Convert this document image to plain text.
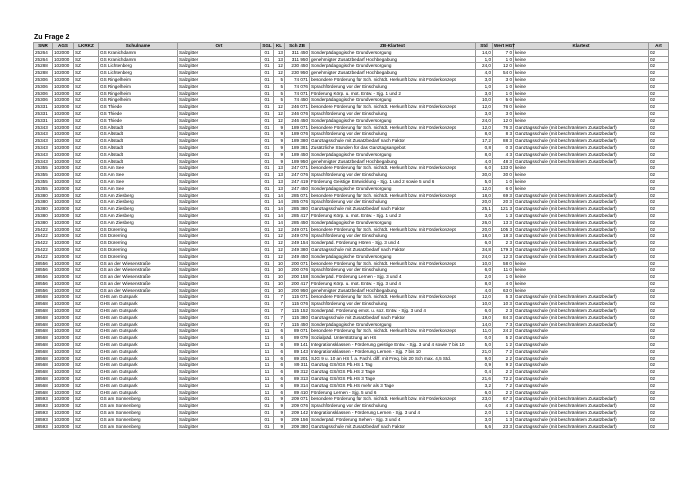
Zu Frage 2
SNR	AGS	LKRKZ	Schulname	Ort	SGL	KL	Sch ZB	ZB-Klartext	Std	Wert HGT	Klartext	Art
25264	102000	SZ	GS Kranichdamm	Salzgitter	01	13	311 450	Sonderpädagogische Grundversorgung	14,0	7 0	keine	02
25264	102000	SZ	GS Kranichdamm	Salzgitter	01	13	311 950	genehmigter Zusatzbedarf Hochbegabung	1,0	1 0	keine	02
25288	102000	SZ	GS Lichtenberg	Salzgitter	01	12	230 450	Sonderpädagogische Grundversorgung	24,0	12 0	keine	02
25288	102000	SZ	GS Lichtenberg	Salzgitter	01	12	230 950	genehmigter Zusatzbedarf Hochbegabung	4,0	54 0	keine	02
25306	102000	SZ	GS Ringelheim	Salzgitter	01	5	74 071	besondere Förderung für Sch. nichtdt. Herkunft bzw. mit Förderkonzept	3,0	3 0	keine	02
25306	102000	SZ	GS Ringelheim	Salzgitter	01	5	74 076	Sprachförderung vor der Einschulung	1,0	1 0	keine	02
25306	102000	SZ	GS Ringelheim	Salzgitter	01	5	74 071	Förderung Körp. u. mot. Entw. - Sjg. 1 und 2	3,0	1 0	keine	02
25306	102000	SZ	GS Ringelheim	Salzgitter	01	5	74 450	Sonderpädagogische Grundversorgung	10,0	5 0	keine	02
25331	102000	SZ	GS Thiede	Salzgitter	01	12	246 071	besondere Förderung für Sch. nichtdt. Herkunft bzw. mit Förderkonzept	12,0	76 0	keine	02
25331	102000	SZ	GS Thiede	Salzgitter	01	12	246 076	Sprachförderung vor der Einschulung	3,0	3 0	keine	02
25331	102000	SZ	GS Thiede	Salzgitter	01	12	246 450	Sonderpädagogische Grundversorgung	24,0	12 0	keine	02
25343	102000	SZ	GS Altstadt	Salzgitter	01	9	189 071	besondere Förderung für Sch. nichtdt. Herkunft bzw. mit Förderkonzept	12,0	76 3	Ganztagsschule (mit beschränktem Zusatzbedarf)	02
25343	102000	SZ	GS Altstadt	Salzgitter	01	9	189 076	Sprachförderung vor der Einschulung	8,0	8 3	Ganztagsschule (mit beschränktem Zusatzbedarf)	02
25343	102000	SZ	GS Altstadt	Salzgitter	01	9	189 380	Ganztagsschule mit Zusatzbedarf nach Faktor	17,2	88 3	Ganztagsschule (mit beschränktem Zusatzbedarf)	02
25343	102000	SZ	GS Altstadt	Salzgitter	01	9	189 381	Zusätzliche Stunden für das Ganztagsangebot	0,8	0 3	Ganztagsschule (mit beschränktem Zusatzbedarf)	02
25343	102000	SZ	GS Altstadt	Salzgitter	01	9	189 450	Sonderpädagogische Grundversorgung	8,0	4 3	Ganztagsschule (mit beschränktem Zusatzbedarf)	02
25343	102000	SZ	GS Altstadt	Salzgitter	01	9	189 950	genehmigter Zusatzbedarf Hochbegabung	4,0	48 3	Ganztagsschule (mit beschränktem Zusatzbedarf)	02
25355	102000	SZ	GS Am See	Salzgitter	01	13	247 071	besondere Förderung für Sch. nichtdt. Herkunft bzw. mit Förderkonzept	6,0	133 0	keine	02
25355	102000	SZ	GS Am See	Salzgitter	01	13	247 076	Sprachförderung vor der Einschulung	30,0	30 0	keine	02
25355	102000	SZ	GS Am See	Salzgitter	01	13	247 419	Förderung Geistige Entwicklung - Sjg. 1 und 2 sowie 5 und 6	5,0	1 0	keine	02
25355	102000	SZ	GS Am See	Salzgitter	01	13	247 450	Sonderpädagogische Grundversorgung	12,0	6 0	keine	02
25380	102000	SZ	GS Am Ziesberg	Salzgitter	01	14	285 071	besondere Förderung für Sch. nichtdt. Herkunft bzw. mit Förderkonzept	18,0	69 3	Ganztagsschule (mit beschränktem Zusatzbedarf)	02
25380	102000	SZ	GS Am Ziesberg	Salzgitter	01	14	285 076	Sprachförderung vor der Einschulung	20,0	20 3	Ganztagsschule (mit beschränktem Zusatzbedarf)	02
25380	102000	SZ	GS Am Ziesberg	Salzgitter	01	14	285 380	Ganztagsschule mit Zusatzbedarf nach Faktor	25,1	121 3	Ganztagsschule (mit beschränktem Zusatzbedarf)	02
25380	102000	SZ	GS Am Ziesberg	Salzgitter	01	14	285 417	Förderung Körp. u. mot. Entw. - Sjg. 1 und 2	3,0	1 3	Ganztagsschule (mit beschränktem Zusatzbedarf)	02
25380	102000	SZ	GS Am Ziesberg	Salzgitter	01	14	285 450	Sonderpädagogische Grundversorgung	26,0	13 3	Ganztagsschule (mit beschränktem Zusatzbedarf)	02
25422	102000	SZ	GS Dürerring	Salzgitter	01	12	249 071	besondere Förderung für Sch. nichtdt. Herkunft bzw. mit Förderkonzept	20,0	105 3	Ganztagsschule (mit beschränktem Zusatzbedarf)	02
25422	102000	SZ	GS Dürerring	Salzgitter	01	12	249 076	Sprachförderung vor der Einschulung	18,0	18 3	Ganztagsschule (mit beschränktem Zusatzbedarf)	02
25422	102000	SZ	GS Dürerring	Salzgitter	01	12	249 154	Sonderpäd. Förderung Hören - Sjg. 3 und 4	6,0	2 3	Ganztagsschule (mit beschränktem Zusatzbedarf)	02
25422	102000	SZ	GS Dürerring	Salzgitter	01	12	249 380	Ganztagsschule mit Zusatzbedarf nach Faktor	34,8	179 3	Ganztagsschule (mit beschränktem Zusatzbedarf)	02
25422	102000	SZ	GS Dürerring	Salzgitter	01	12	249 450	Sonderpädagogische Grundversorgung	24,0	12 3	Ganztagsschule (mit beschränktem Zusatzbedarf)	02
38556	102000	SZ	GS an der Wiesenstraße	Salzgitter	01	10	200 071	besondere Förderung für Sch. nichtdt. Herkunft bzw. mit Förderkonzept	10,0	58 0	keine	02
38556	102000	SZ	GS an der Wiesenstraße	Salzgitter	01	10	200 076	Sprachförderung vor der Einschulung	6,0	11 0	keine	02
38556	102000	SZ	GS an der Wiesenstraße	Salzgitter	01	10	200 158	Sonderpäd. Förderung Lernen - Sjg. 3 und 4	2,0	1 0	keine	02
38556	102000	SZ	GS an der Wiesenstraße	Salzgitter	01	10	200 417	Förderung Körp. u. mot. Entw. - Sjg. 3 und 4	8,0	4 0	keine	02
38556	102000	SZ	GS an der Wiesenstraße	Salzgitter	01	10	200 950	genehmigter Zusatzbedarf Hochbegabung	4,0	63 0	keine	02
38568	102000	SZ	GHS am Gutspark	Salzgitter	01	7	115 071	besondere Förderung für Sch. nichtdt. Herkunft bzw. mit Förderkonzept	12,0	5 3	Ganztagsschule (mit beschränktem Zusatzbedarf)	02
38568	102000	SZ	GHS am Gutspark	Salzgitter	01	7	115 076	Sprachförderung vor der Einschulung	10,0	10 3	Ganztagsschule (mit beschränktem Zusatzbedarf)	02
38568	102000	SZ	GHS am Gutspark	Salzgitter	01	7	115 152	Sonderpäd. Förderung emot. u. soz. Entw. - Sjg. 3 und 4	6,0	2 3	Ganztagsschule (mit beschränktem Zusatzbedarf)	02
38568	102000	SZ	GHS am Gutspark	Salzgitter	01	7	115 380	Ganztagsschule mit Zusatzbedarf nach Faktor	19,0	84 3	Ganztagsschule (mit beschränktem Zusatzbedarf)	02
38568	102000	SZ	GHS am Gutspark	Salzgitter	01	7	115 450	Sonderpädagogische Grundversorgung	14,0	7 3	Ganztagsschule (mit beschränktem Zusatzbedarf)	02
38568	102000	SZ	GHS am Gutspark	Salzgitter	11	6	89 071	besondere Förderung für Sch. nichtdt. Herkunft bzw. mit Förderkonzept	11,0	24 2	Ganztagsschule	02
38568	102000	SZ	GHS am Gutspark	Salzgitter	11	6	89 079	Sozialpäd. Unterstützung an HS	0,0	5 2	Ganztagsschule	02
38568	102000	SZ	GHS am Gutspark	Salzgitter	11	6	89 141	Integrationsklassen - Förderung geistige Entw. - Sjg. 3 und 4 sowie 7 bis 10	5,0	1 2	Ganztagsschule	02
38568	102000	SZ	GHS am Gutspark	Salzgitter	11	6	89 143	Integrationsklassen - Förderung Lernen - Sjg. 7 bis 10	21,0	7 2	Ganztagsschule	02
38568	102000	SZ	GHS am Gutspark	Salzgitter	11	6	89 201	SJG 9 u. 10 an HS f. a. Fachl. diff. mit Freq. bis 20 Sch max. 4,5 Std.	9,0	2 2	Ganztagsschule	02
38568	102000	SZ	GHS am Gutspark	Salzgitter	11	6	89 311	Ganztag GS/IGS Pb.HS 1 Tag	0,9	9 2	Ganztagsschule	02
38568	102000	SZ	GHS am Gutspark	Salzgitter	11	6	89 312	Ganztag GS/IGS Pb.HS 2 Tage	0,4	2 2	Ganztagsschule	02
38568	102000	SZ	GHS am Gutspark	Salzgitter	11	6	89 313	Ganztag GS/IGS Pb.HS 3 Tage	21,6	72 2	Ganztagsschule	02
38568	102000	SZ	GHS am Gutspark	Salzgitter	11	6	89 314	Ganztag GS/IGS Pb.HS mehr als 3 Tage	3,2	7 2	Ganztagsschule	02
38568	102000	SZ	GHS am Gutspark	Salzgitter	11	6	89 410	Förderung Lernen - Sjg. 5 und 6	6,0	2 2	Ganztagsschule	02
38593	102000	SZ	GS am Sonnenberg	Salzgitter	01	9	209 071	besondere Förderung für Sch. nichtdt. Herkunft bzw. mit Förderkonzept	23,0	67 3	Ganztagsschule (mit beschränktem Zusatzbedarf)	02
38593	102000	SZ	GS am Sonnenberg	Salzgitter	01	9	209 076	Sprachförderung vor der Einschulung	4,0	4 3	Ganztagsschule (mit beschränktem Zusatzbedarf)	02
38593	102000	SZ	GS am Sonnenberg	Salzgitter	01	9	209 142	Integrationsklassen - Förderung Lernen - Sjg. 3 und 4	2,0	1 3	Ganztagsschule (mit beschränktem Zusatzbedarf)	02
38593	102000	SZ	GS am Sonnenberg	Salzgitter	01	9	209 156	Sonderpäd. Förderung Sehen - Sjg. 3 und 4	3,0	1 3	Ganztagsschule (mit beschränktem Zusatzbedarf)	02
38593	102000	SZ	GS am Sonnenberg	Salzgitter	01	9	209 380	Ganztagsschule mit Zusatzbedarf nach Faktor	5,6	23 3	Ganztagsschule (mit beschränktem Zusatzbedarf)	02
